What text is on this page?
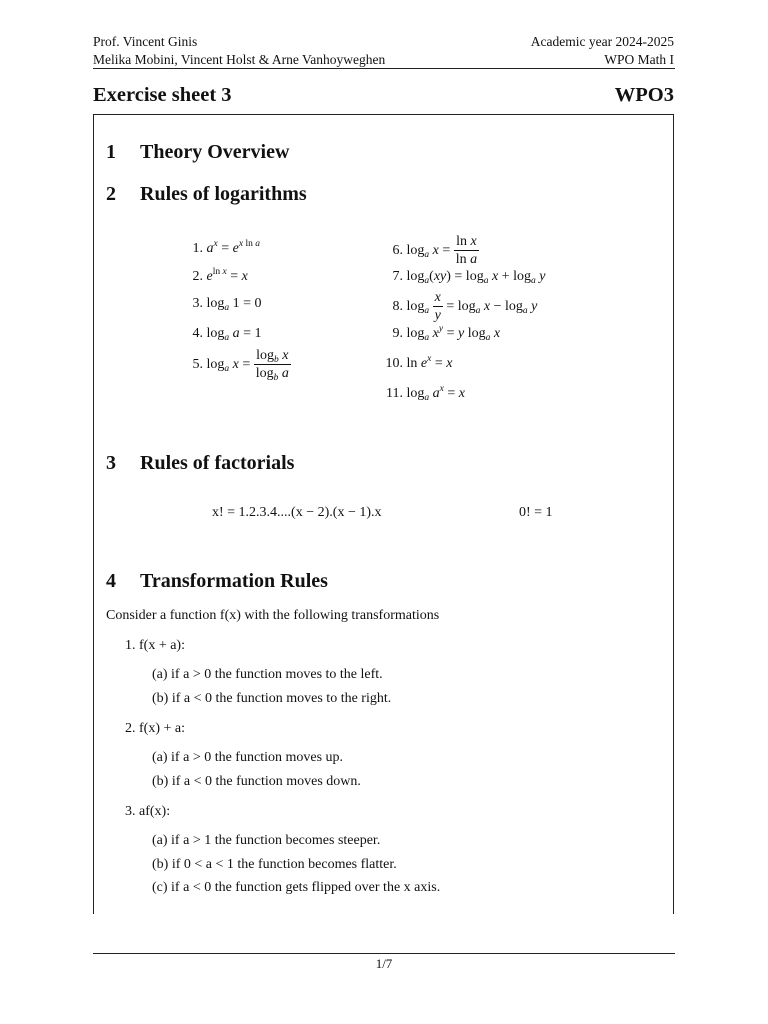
Prof. Vincent Ginis
Melika Mobini, Vincent Holst & Arne Vanhoyweghen
Academic year 2024-2025
WPO Math I
Exercise sheet 3	WPO3
1 Theory Overview
2 Rules of logarithms
1. $a^x = e^{x ln a}$
2. $e^{ln x} = x$
3. $\log_a 1 = 0$
4. $\log_a a = 1$
5. $\log_a x = \frac{\log_b x}{\log_b a}$
6. $\log_a x = \frac{\text{ln x}}{\text{ln a}}$
7. $\log_a(xy) = \log_a x + \log_a y$
8. $\log_a \frac{x}{y} = \log_a x - \log_a y$
9. $\log_a x^y = y$ $\log_a x$
10. $\ln e^x = x$
11. $\log_a a^x = x$
3 Rules of factorials
x! = 1.2.3.4....(x − 2).(x − 1).x	0! = 1
4 Transformation Rules
Consider a function f(x) with the following transformations
1. f(x + a):
(a) if a > 0 the function moves to the left.
(b) if a < 0 the function moves to the right.
2. f(x) + a:
(a) if a > 0 the function moves up.
(b) if a < 0 the function moves down.
3. af(x):
(a) if a > 1 the function becomes steeper.
(b) if 0 < a < 1 the function becomes flatter.
(c) if a < 0 the function gets flipped over the x axis.
1/7
